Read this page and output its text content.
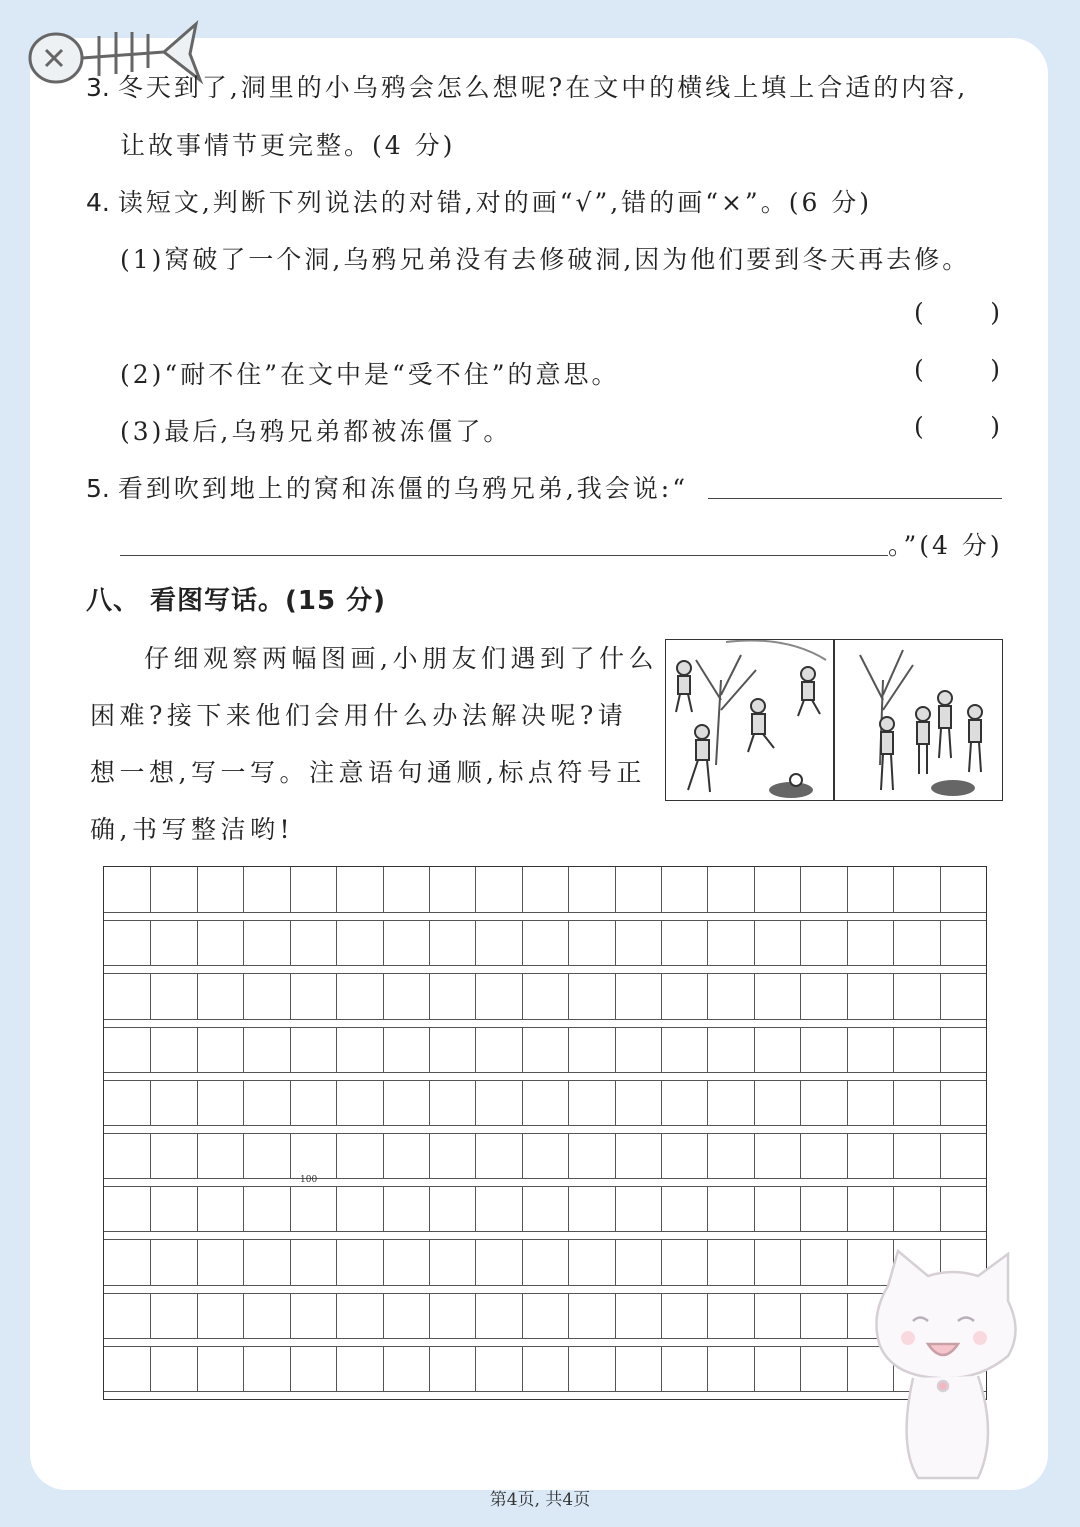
3. 冬天到了,洞里的小乌鸦会怎么想呢?在文中的横线上填上合适的内容,
让故事情节更完整。(4 分)
4. 读短文,判断下列说法的对错,对的画“√”,错的画“×”。(6 分)
(1)窝破了一个洞,乌鸦兄弟没有去修破洞,因为他们要到冬天再去修。
(	)
(2)“耐不住”在文中是“受不住”的意思。	(	)
(3)最后,乌鸦兄弟都被冻僵了。	(	)
5. 看到吹到地上的窝和冻僵的乌鸦兄弟,我会说:“
。”(4 分)
八、 看图写话。(15 分)
仔细观察两幅图画,小朋友们遇到了什么
困难?接下来他们会用什么办法解决呢?请
想一想,写一写。注意语句通顺,标点符号正
确,书写整洁哟!
100
第4页, 共4页
